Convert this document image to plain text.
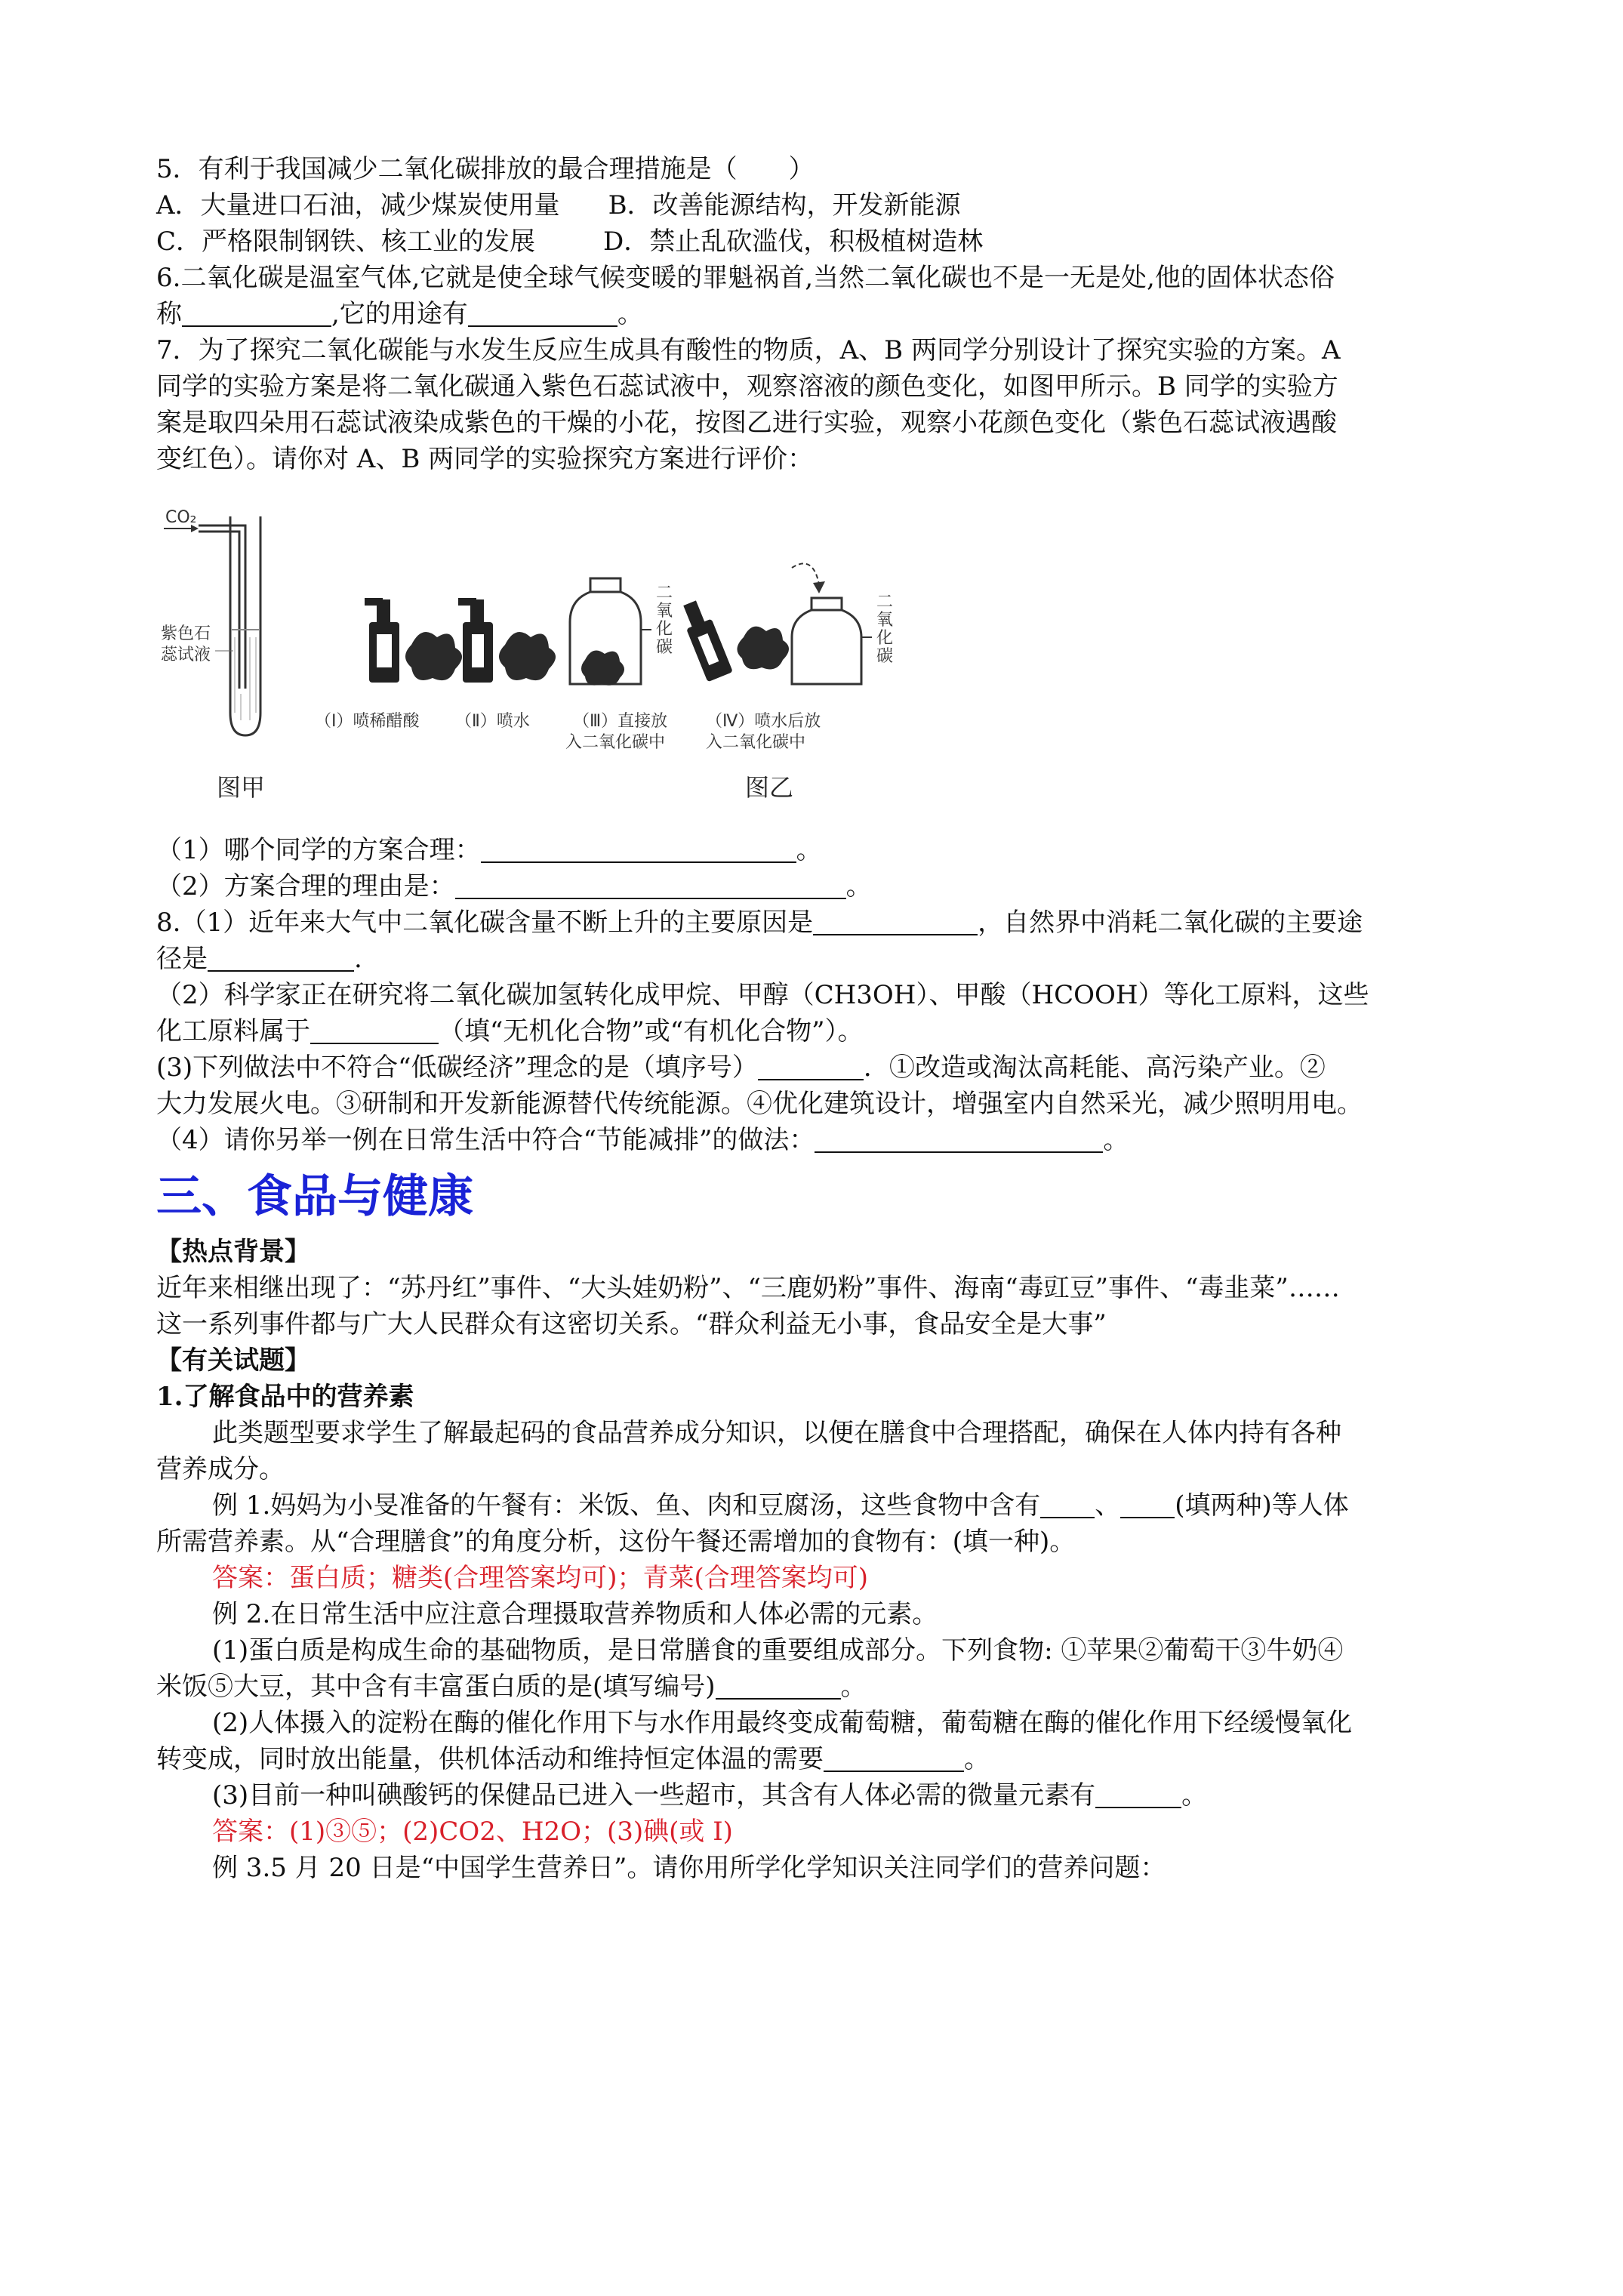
5．有利于我国减少二氧化碳排放的最合理措施是（　　）

A．大量进口石油，减少煤炭使用量 B．改善能源结构，开发新能源

C．严格限制钢铁、核工业的发展	D．禁止乱砍滥伐，积极植树造林

6.二氧化碳是温室气体,它就是使全球气候变暖的罪魁祸首,当然二氧化碳也不是一无是处,他的固体状态俗

称	,它的用途有	。

7．为了探究二氧化碳能与水发生反应生成具有酸性的物质，A、B 两同学分别设计了探究实验的方案。A

同学的实验方案是将二氧化碳通入紫色石蕊试液中，观察溶液的颜色变化，如图甲所示。B 同学的实验方

案是取四朵用石蕊试液染成紫色的干燥的小花，按图乙进行实验，观察小花颜色变化（紫色石蕊试液遇酸

变红色）。请你对 A、B 两同学的实验探究方案进行评价：

CO₂
紫色石
蕊试液
（Ⅰ）喷稀醋酸 （Ⅱ）喷水
二
氧
化
碳
（Ⅲ）直接放
入二氧化碳中
二
氧
化
碳
（Ⅳ）喷水后放
入二氧化碳中
图甲	图乙

（1）哪个同学的方案合理：	。

（2）方案合理的理由是：	。

8.（1）近年来大气中二氧化碳含量不断上升的主要原因是	，自然界中消耗二氧化碳的主要途

径是	.

（2）科学家正在研究将二氧化碳加氢转化成甲烷、甲醇（CH3OH）、甲酸（HCOOH）等化工原料，这些

化工原料属于	（填“无机化合物”或“有机化合物”）。

(3)下列做法中不符合“低碳经济”理念的是（填序号）	．①改造或淘汰高耗能、高污染产业。②

大力发展火电。③研制和开发新能源替代传统能源。④优化建筑设计，增强室内自然采光，减少照明用电。

（4）请你另举一例在日常生活中符合“节能减排”的做法：	。

三、食品与健康

【热点背景】

近年来相继出现了：“苏丹红”事件、“大头娃奶粉”、“三鹿奶粉”事件、海南“毒豇豆”事件、“毒韭菜”……

这一系列事件都与广大人民群众有这密切关系。“群众利益无小事，食品安全是大事”

【有关试题】

1.了解食品中的营养素

此类题型要求学生了解最起码的食品营养成分知识，以便在膳食中合理搭配，确保在人体内持有各种

营养成分。

例 1.妈妈为小旻准备的午餐有：米饭、鱼、肉和豆腐汤，这些食物中含有 、 (填两种)等人体

所需营养素。从“合理膳食”的角度分析，这份午餐还需增加的食物有：(填一种)。

答案：蛋白质；糖类(合理答案均可)；青菜(合理答案均可)

例 2.在日常生活中应注意合理摄取营养物质和人体必需的元素。

(1)蛋白质是构成生命的基础物质，是日常膳食的重要组成部分。下列食物: ①苹果②葡萄干③牛奶④

米饭⑤大豆，其中含有丰富蛋白质的是(填写编号)	。

(2)人体摄入的淀粉在酶的催化作用下与水作用最终变成葡萄糖，葡萄糖在酶的催化作用下经缓慢氧化

转变成，同时放出能量，供机体活动和维持恒定体温的需要	。

(3)目前一种叫碘酸钙的保健品已进入一些超市，其含有人体必需的微量元素有	。

答案：(1)③⑤；(2)CO2、H2O；(3)碘(或 I)

例 3.5 月 20 日是“中国学生营养日”。请你用所学化学知识关注同学们的营养问题：
